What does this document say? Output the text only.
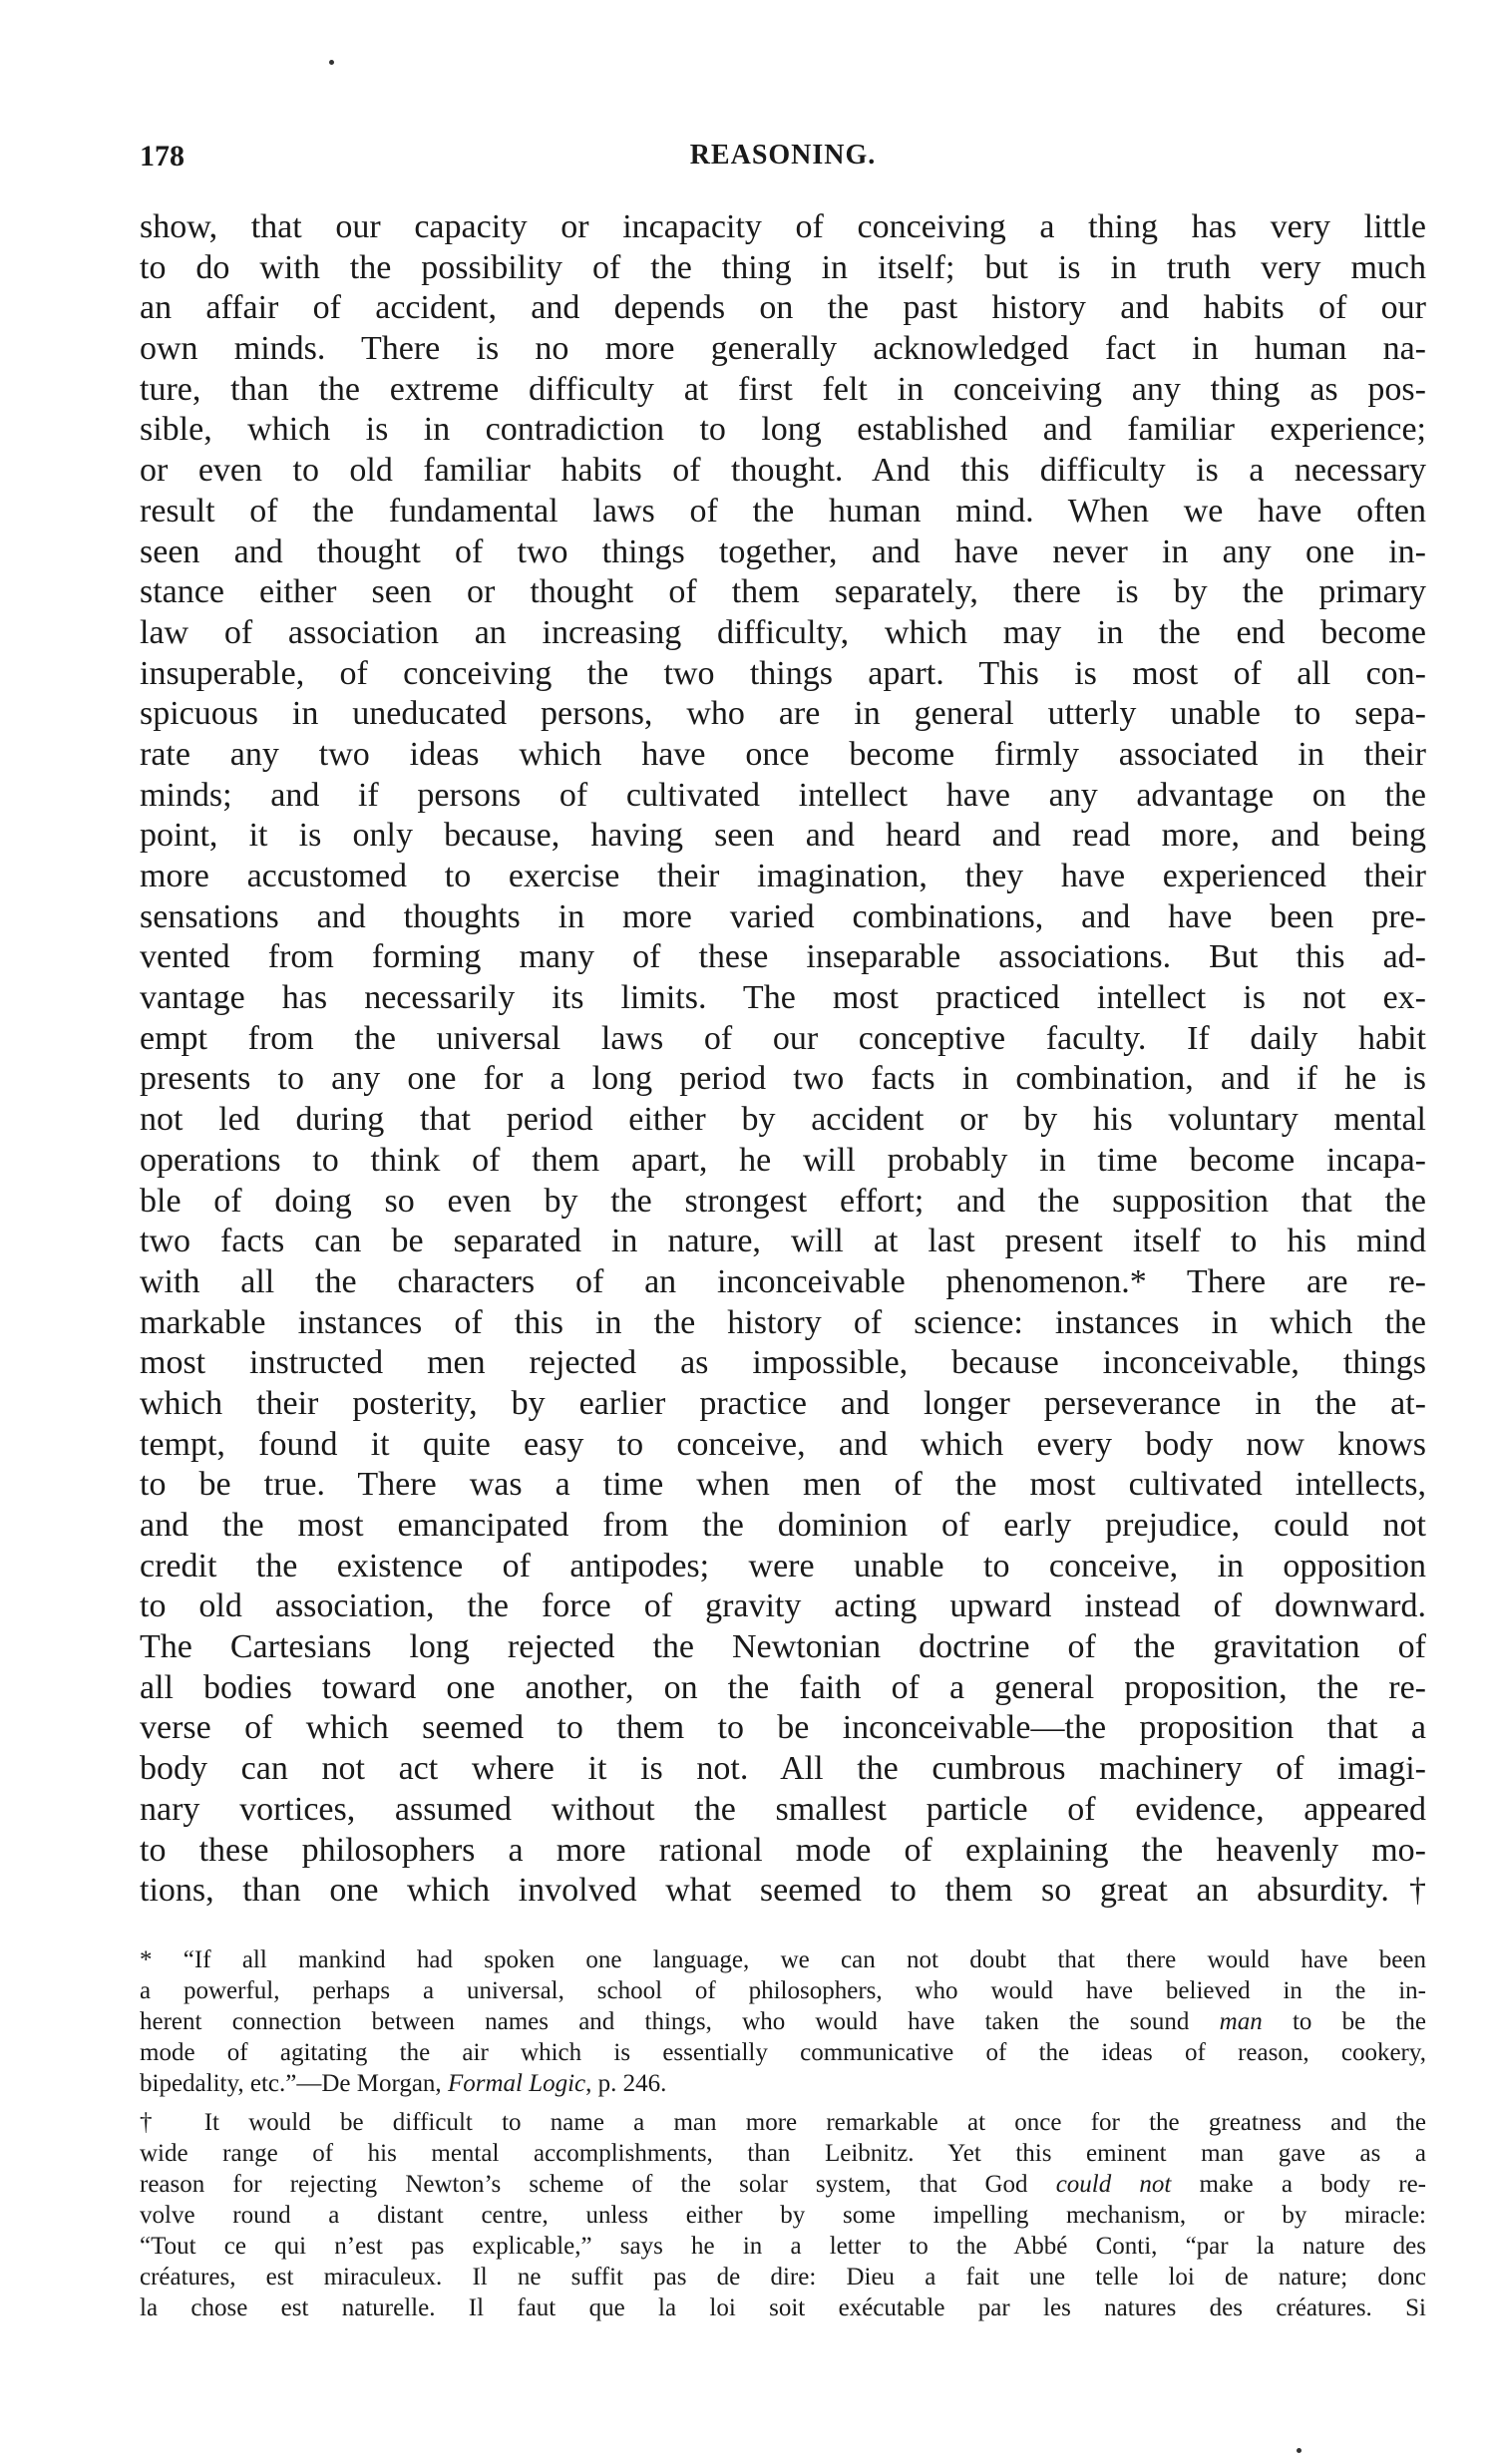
178	REASONING.
show, that our capacity or incapacity of conceiving a thing has very little
to do with the possibility of the thing in itself; but is in truth very much
an affair of accident, and depends on the past history and habits of our
own minds. There is no more generally acknowledged fact in human na-
ture, than the extreme difficulty at first felt in conceiving any thing as pos-
sible, which is in contradiction to long established and familiar experience;
or even to old familiar habits of thought. And this difficulty is a necessary
result of the fundamental laws of the human mind. When we have often
seen and thought of two things together, and have never in any one in-
stance either seen or thought of them separately, there is by the primary
law of association an increasing difficulty, which may in the end become
insuperable, of conceiving the two things apart. This is most of all con-
spicuous in uneducated persons, who are in general utterly unable to sepa-
rate any two ideas which have once become firmly associated in their
minds; and if persons of cultivated intellect have any advantage on the
point, it is only because, having seen and heard and read more, and being
more accustomed to exercise their imagination, they have experienced their
sensations and thoughts in more varied combinations, and have been pre-
vented from forming many of these inseparable associations. But this ad-
vantage has necessarily its limits. The most practiced intellect is not ex-
empt from the universal laws of our conceptive faculty. If daily habit
presents to any one for a long period two facts in combination, and if he is
not led during that period either by accident or by his voluntary mental
operations to think of them apart, he will probably in time become incapa-
ble of doing so even by the strongest effort; and the supposition that the
two facts can be separated in nature, will at last present itself to his mind
with all the characters of an inconceivable phenomenon.* There are re-
markable instances of this in the history of science: instances in which the
most instructed men rejected as impossible, because inconceivable, things
which their posterity, by earlier practice and longer perseverance in the at-
tempt, found it quite easy to conceive, and which every body now knows
to be true. There was a time when men of the most cultivated intellects,
and the most emancipated from the dominion of early prejudice, could not
credit the existence of antipodes; were unable to conceive, in opposition
to old association, the force of gravity acting upward instead of downward.
The Cartesians long rejected the Newtonian doctrine of the gravitation of
all bodies toward one another, on the faith of a general proposition, the re-
verse of which seemed to them to be inconceivable—the proposition that a
body can not act where it is not. All the cumbrous machinery of imagi-
nary vortices, assumed without the smallest particle of evidence, appeared
to these philosophers a more rational mode of explaining the heavenly mo-
tions, than one which involved what seemed to them so great an absurdity.†
* “If all mankind had spoken one language, we can not doubt that there would have been
a powerful, perhaps a universal, school of philosophers, who would have believed in the in-
herent connection between names and things, who would have taken the sound man to be the
mode of agitating the air which is essentially communicative of the ideas of reason, cookery,
bipedality, etc.”—De Morgan, Formal Logic, p. 246.
† It would be difficult to name a man more remarkable at once for the greatness and the
wide range of his mental accomplishments, than Leibnitz. Yet this eminent man gave as a
reason for rejecting Newton’s scheme of the solar system, that God could not make a body re-
volve round a distant centre, unless either by some impelling mechanism, or by miracle:
“Tout ce qui n’est pas explicable,” says he in a letter to the Abbé Conti, “par la nature des
créatures, est miraculeux. Il ne suffit pas de dire: Dieu a fait une telle loi de nature; donc
la chose est naturelle. Il faut que la loi soit exécutable par les natures des créatures. Si
